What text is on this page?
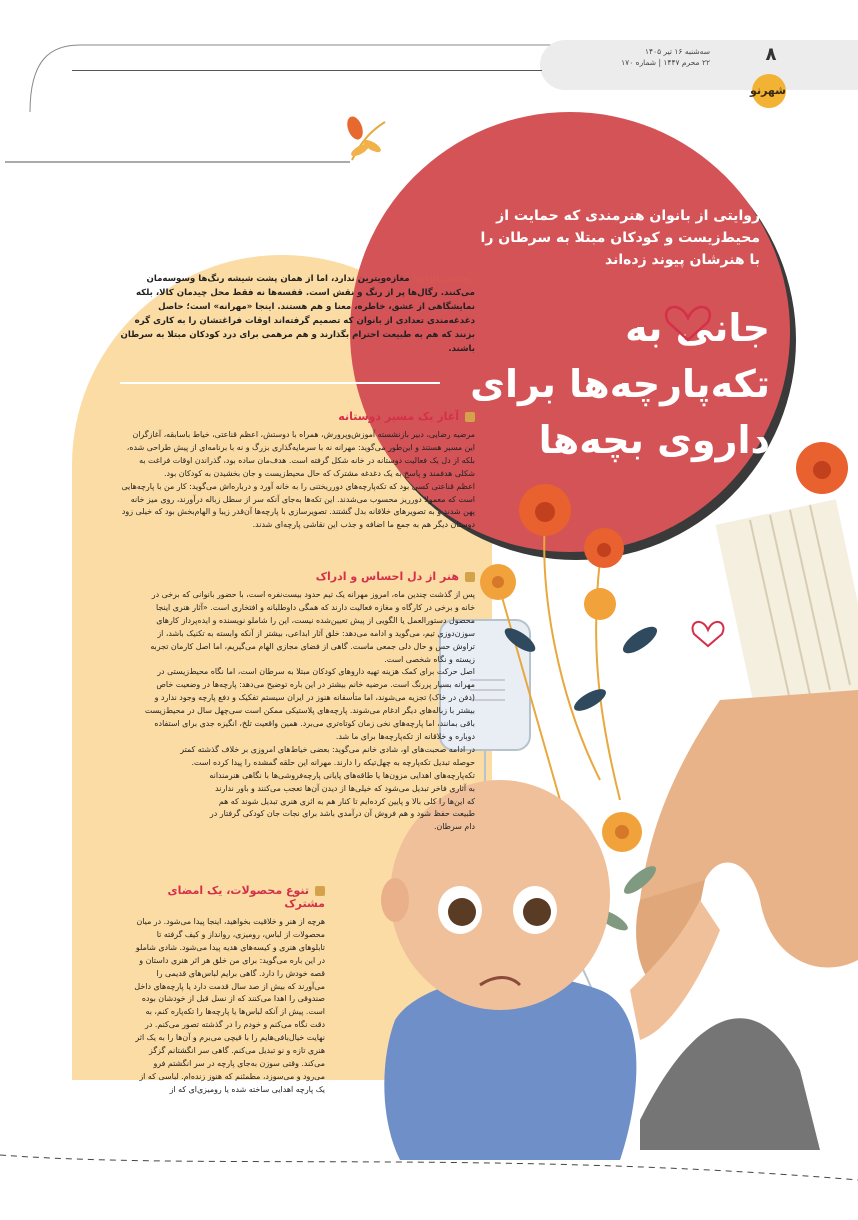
۸
سه‌شنبه ۱۶ تیر ۱۴۰۵
۲۲ محرم ۱۴۴۷ | شماره ۱۷۰
شهرنو
روایتی از بانوان هنرمندی که حمایت از محیط‌زیست و کودکان مبتلا به سرطان را با هنرشان پیوند زده‌اند
جانی به
تکه‌پارچه‌ها برای
داروی بچه‌ها
ریحانه بناازاده| مغازه‌ویترین ندارد، اما از همان پشت شیشه رنگ‌ها وسوسه‌مان می‌کنند. رگال‌ها پر از رنگ و نقش است. قفسه‌ها نه فقط محل چیدمان کالا، بلکه نمایشگاهی از عشق، خاطره، معنا و هم هستند. اینجا «مهرانه» است؛ حاصل دغدغه‌مندی تعدادی از بانوان که تصمیم گرفته‌اند اوقات فراغتشان را به کاری گره بزنند که هم به طبیعت احترام بگذارند و هم مرهمی برای درد کودکان مبتلا به سرطان باشند.
آغاز یک مسیر دوستانه
مرضیه رضایی، دبیر بازنشسته آموزش‌وپرورش، همراه با دوستش، اعظم قناعتی، خیاط باسابقه، آغازگران این مسیر هستند و این‌طور می‌گوید: مهرانه نه با سرمایه‌گذاری بزرگ و نه با برنامه‌ای از پیش طراحی شده، بلکه از دل یک فعالیت دوستانه در خانه شکل گرفته است. هدف‌مان ساده بود، گذراندن اوقات فراغت به شکلی هدفمند و پاسخ به یک دغدغه مشترک که حال محیط‌زیست و جان بخشیدن به کودکان بود.
اعظم قناعتی کسی بود که تکه‌پارچه‌های دورریختنی را به خانه آورد و درباره‌اش می‌گوید: کار من با پارچه‌هایی است که معمولا دورریز محسوب می‌شدند. این تکه‌ها به‌جای آنکه سر از سطل زباله درآورند، روی میز خانه پهن شدند و به تصویرهای خلاقانه بدل گشتند. تصویرسازی با پارچه‌ها آن‌قدر زیبا و الهام‌بخش بود که خیلی زود دوستان دیگر هم به جمع ما اضافه و جذب این نقاشی پارچه‌ای شدند.
هنر از دل احساس و ادراک
پس از گذشت چندین ماه، امروز مهرانه یک تیم حدود بیست‌نفره است، با حضور بانوانی که برخی در خانه و برخی در کارگاه و مغازه فعالیت دارند که همگی داوطلبانه و افتخاری است. «آثار هنری اینجا محصول دستورالعمل یا الگویی از پیش تعیین‌شده نیست، این را شاملو نویسنده و ایده‌پرداز کارهای سوزن‌دوزی تیم، می‌گوید و ادامه می‌دهد: خلق آثار ابداعی، بیشتر از آنکه وابسته به تکنیک باشد، از تراوش حس و حال دلی جمعی ماست. گاهی از فضای مجازی الهام می‌گیریم، اما اصل کارمان تجربه زیسته و نگاه شخصی است.
اصل حرکت برای کمک هزینه تهیه داروهای کودکان مبتلا به سرطان است، اما نگاه محیط‌زیستی در مهرانه بسیار پررنگ است. مرضیه خانم بیشتر در این باره توضیح می‌دهد: پارچه‌ها در وضعیت خاص (دفن در خاک) تجزیه می‌شوند، اما متأسفانه هنوز در ایران سیستم تفکیک و دفع پارچه وجود ندارد و بیشتر با زباله‌های دیگر ادغام می‌شوند. پارچه‌های پلاستیکی ممکن است سی‌چهل سال در محیط‌زیست باقی بمانند، اما پارچه‌های نخی زمان کوتاه‌تری می‌برد. همین واقعیت تلخ، انگیزه جدی برای استفاده دوباره و خلاقانه از تکه‌پارچه‌ها برای ما شد.
در ادامه صحبت‌های او، شادی خانم می‌گوید: بعضی خیاط‌های امروزی بر خلاف گذشته کمتر حوصله تبدیل تکه‌پارچه به چهل‌تیکه را دارند. مهرانه این حلقه گمشده را پیدا کرده است.
تکه‌پارچه‌های اهدایی مزون‌ها یا طاقه‌های پایانی پارچه‌فروشی‌ها با نگاهی هنرمندانه به آثاری فاخر تبدیل می‌شود که خیلی‌ها از دیدن آن‌ها تعجب می‌کنند و باور ندارند که این‌ها را کلی بالا و پایین کرده‌ایم تا کنار هم به اثری هنری تبدیل شوند که هم طبیعت حفظ شود و هم فروش آن درآمدی باشد برای نجات جان کودکی گرفتار در دام سرطان.
تنوع محصولات، یک امضای مشترک
هرچه از هنر و خلاقیت بخواهید، اینجا پیدا می‌شود. در میان محصولات از لباس، رومیزی، روانداز و کیف گرفته تا تابلوهای هنری و کیسه‌های هدیه پیدا می‌شود. شادی شاملو در این باره می‌گوید: برای من خلق هر اثر هنری داستان و قصه خودش را دارد. گاهی برایم لباس‌های قدیمی را می‌آورند که بیش از صد سال قدمت دارد یا پارچه‌های داخل صندوقی را اهدا می‌کنند که از نسل قبل از خودشان بوده است. پیش از آنکه لباس‌ها یا پارچه‌ها را تکه‌پاره کنم، به دقت نگاه می‌کنم و خودم را در گذشته تصور می‌کنم. در نهایت خیال‌بافی‌هایم را با قیچی می‌برم و آن‌ها را به یک اثر هنری تازه و نو تبدیل می‌کنم. گاهی سر انگشتانم گزگز می‌کند. وقتی سوزن به‌جای پارچه در سر انگشتم فرو می‌رود و می‌سوزد، مطمئنم که هنوز زنده‌ام. لباسی که از یک پارچه اهدایی ساخته شده یا رومیزی‌ای که از
